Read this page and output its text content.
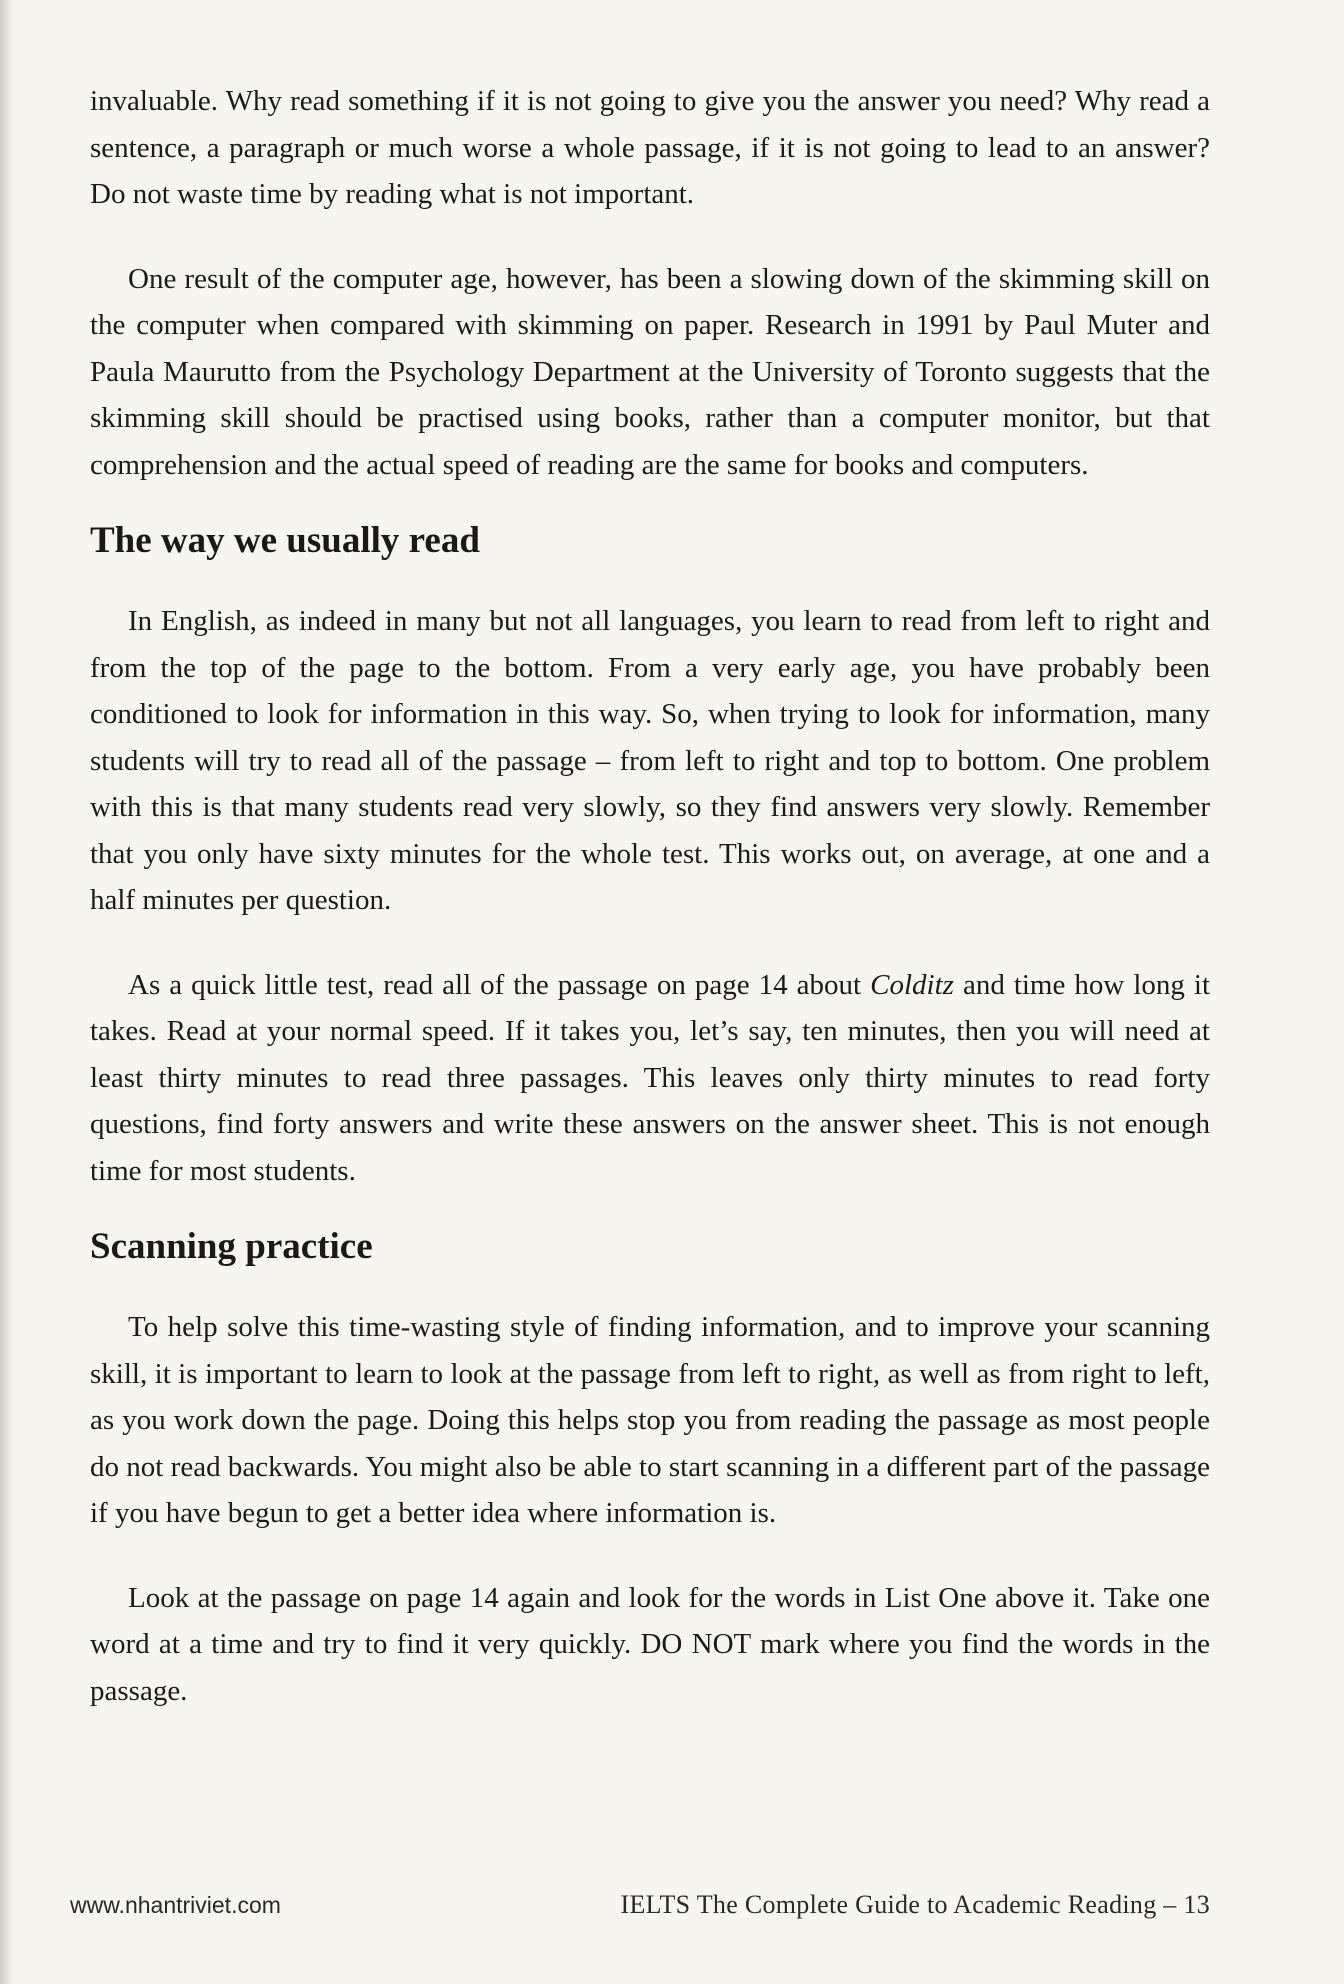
invaluable. Why read something if it is not going to give you the answer you need? Why read a sentence, a paragraph or much worse a whole passage, if it is not going to lead to an answer? Do not waste time by reading what is not important.

One result of the computer age, however, has been a slowing down of the skimming skill on the computer when compared with skimming on paper. Research in 1991 by Paul Muter and Paula Maurutto from the Psychology Department at the University of Toronto suggests that the skimming skill should be practised using books, rather than a computer monitor, but that comprehension and the actual speed of reading are the same for books and computers.

The way we usually read

In English, as indeed in many but not all languages, you learn to read from left to right and from the top of the page to the bottom. From a very early age, you have probably been conditioned to look for information in this way. So, when trying to look for information, many students will try to read all of the passage – from left to right and top to bottom. One problem with this is that many students read very slowly, so they find answers very slowly. Remember that you only have sixty minutes for the whole test. This works out, on average, at one and a half minutes per question.

As a quick little test, read all of the passage on page 14 about Colditz and time how long it takes. Read at your normal speed. If it takes you, let’s say, ten minutes, then you will need at least thirty minutes to read three passages. This leaves only thirty minutes to read forty questions, find forty answers and write these answers on the answer sheet. This is not enough time for most students.

Scanning practice

To help solve this time-wasting style of finding information, and to improve your scanning skill, it is important to learn to look at the passage from left to right, as well as from right to left, as you work down the page. Doing this helps stop you from reading the passage as most people do not read backwards. You might also be able to start scanning in a different part of the passage if you have begun to get a better idea where information is.

Look at the passage on page 14 again and look for the words in List One above it. Take one word at a time and try to find it very quickly. DO NOT mark where you find the words in the passage.

www.nhantriviet.com	IELTS The Complete Guide to Academic Reading – 13
